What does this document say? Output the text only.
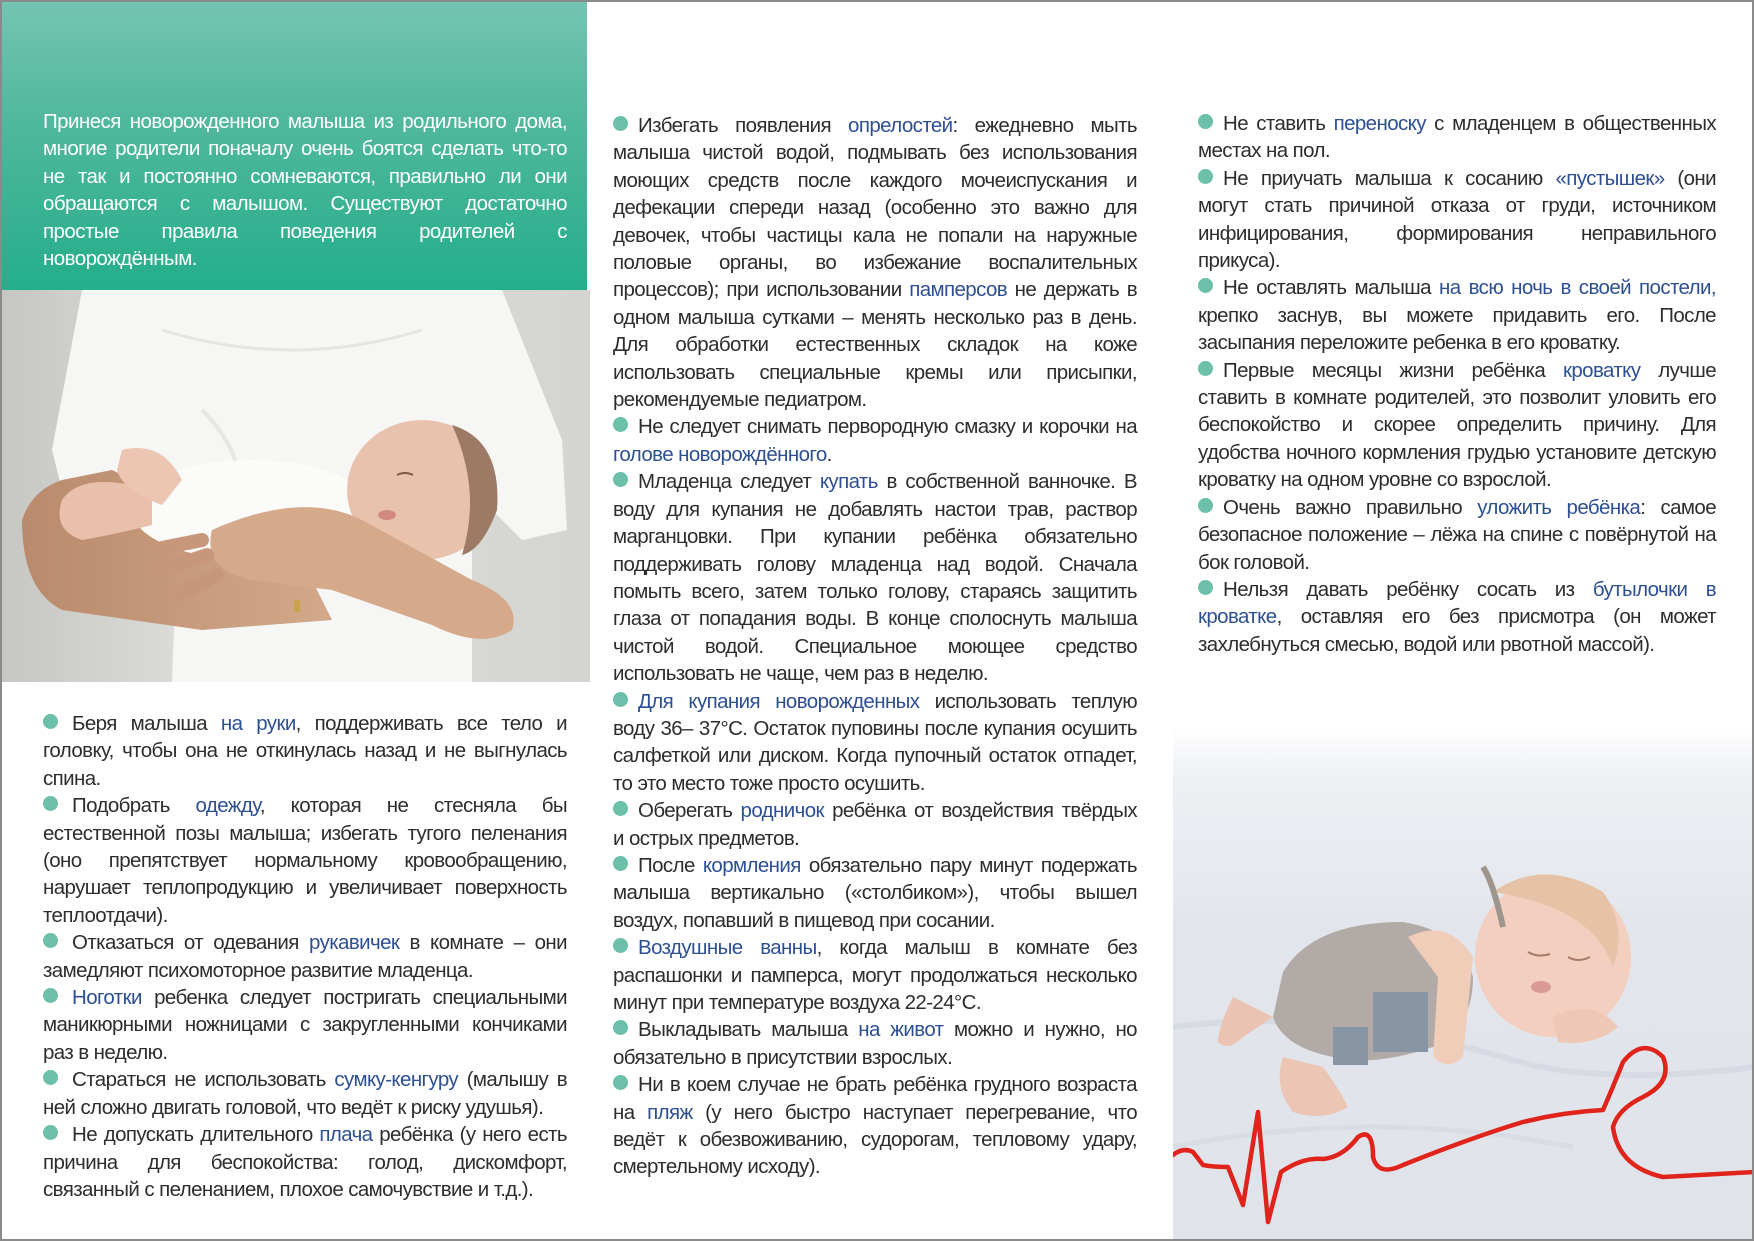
Принеся новорожденного малыша из родильного дома, многие родители поначалу очень боятся сделать что-то не так и постоянно сомневаются, правильно ли они обращаются с малышом. Существуют достаточно простые правила поведения родителей с новорождённым.

Беря малыша на руки, поддерживать все тело и головку, чтобы она не откинулась назад и не выгнулась спина.
Подобрать одежду, которая не стесняла бы естественной позы малыша; избегать тугого пеленания (оно препятствует нормальному кровообращению, нарушает теплопродукцию и увеличивает поверхность теплоотдачи).
Отказаться от одевания рукавичек в комнате – они замедляют психомоторное развитие младенца.
Ноготки ребенка следует постригать специальными маникюрными ножницами с закругленными кончиками раз в неделю.
Стараться не использовать сумку-кенгуру (малышу в ней сложно двигать головой, что ведёт к риску удушья).
Не допускать длительного плача ребёнка (у него есть причина для беспокойства: голод, дискомфорт, связанный с пеленанием, плохое самочувствие и т.д.).
Избегать появления опрелостей: ежедневно мыть малыша чистой водой, подмывать без использования моющих средств после каждого мочеиспускания и дефекации спереди назад (особенно это важно для девочек, чтобы частицы кала не попали на наружные половые органы, во избежание воспалительных процессов); при использовании памперсов не держать в одном малыша сутками – менять несколько раз в день. Для обработки естественных складок на коже использовать специальные кремы или присыпки, рекомендуемые педиатром.
Не следует снимать первородную смазку и корочки на голове новорождённого.
Младенца следует купать в собственной ванночке. В воду для купания не добавлять настои трав, раствор марганцовки. При купании ребёнка обязательно поддерживать голову младенца над водой. Сначала помыть всего, затем только голову, стараясь защитить глаза от попадания воды. В конце сполоснуть малыша чистой водой. Специальное моющее средство использовать не чаще, чем раз в неделю.
Для купания новорожденных использовать теплую воду 36– 37°C. Остаток пуповины после купания осушить салфеткой или диском. Когда пупочный остаток отпадет, то это место тоже просто осушить.
Оберегать родничок ребёнка от воздействия твёрдых и острых предметов.
После кормления обязательно пару минут подержать малыша вертикально («столбиком»), чтобы вышел воздух, попавший в пищевод при сосании.
Воздушные ванны, когда малыш в комнате без распашонки и памперса, могут продолжаться несколько минут при температуре воздуха 22-24°С.
Выкладывать малыша на живот можно и нужно, но обязательно в присутствии взрослых.
Ни в коем случае не брать ребёнка грудного возраста на пляж (у него быстро наступает перегревание, что ведёт к обезвоживанию, судорогам, тепловому удару, смертельному исходу).
Не ставить переноску с младенцем в общественных местах на пол.
Не приучать малыша к сосанию «пустышек» (они могут стать причиной отказа от груди, источником инфицирования, формирования неправильного прикуса).
Не оставлять малыша на всю ночь в своей постели, крепко заснув, вы можете придавить его. После засыпания переложите ребенка в его кроватку.
Первые месяцы жизни ребёнка кроватку лучше ставить в комнате родителей, это позволит уловить его беспокойство и скорее определить причину. Для удобства ночного кормления грудью установите детскую кроватку на одном уровне со взрослой.
Очень важно правильно уложить ребёнка: самое безопасное положение – лёжа на спине с повёрнутой на бок головой.
Нельзя давать ребёнку сосать из бутылочки в кроватке, оставляя его без присмотра (он может захлебнуться смесью, водой или рвотной массой).
